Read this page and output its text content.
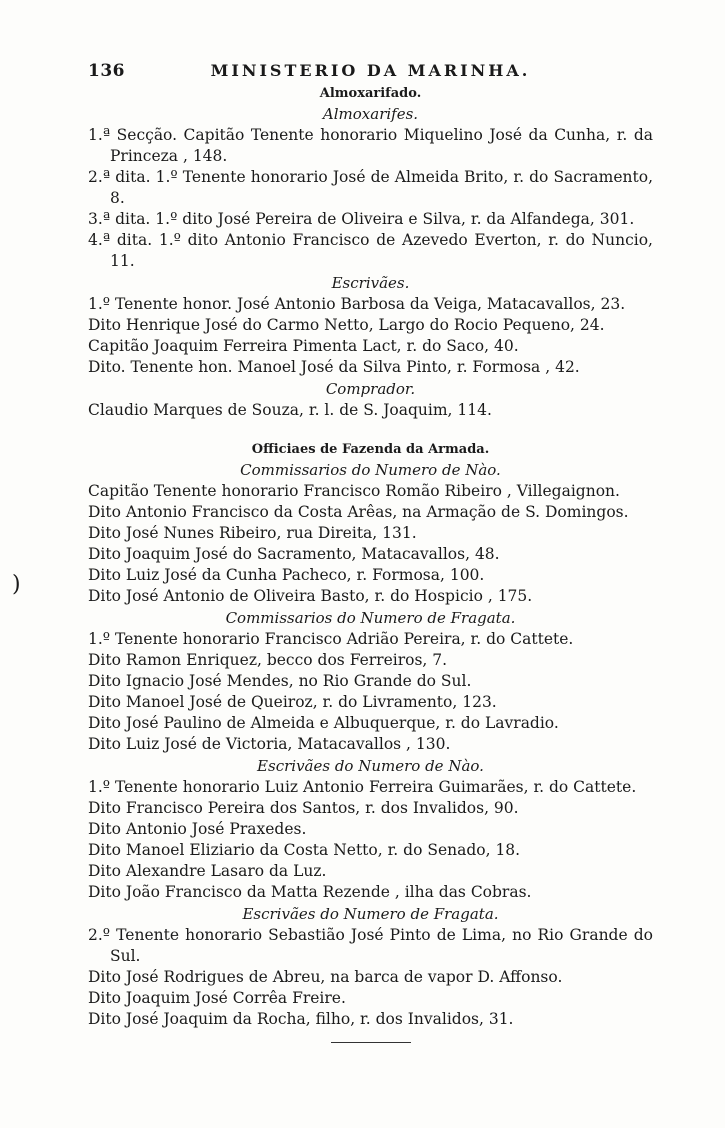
136	MINISTERIO DA MARINHA.

Almoxarifado.

Almoxarifes.

1.ª Secção. Capitão Tenente honorario Miquelino José da Cunha, r. da Princeza , 148.

2.ª dita. 1.º Tenente honorario José de Almeida Brito, r. do Sacramento, 8.

3.ª dita. 1.º dito José Pereira de Oliveira e Silva, r. da Alfandega, 301.

4.ª dita. 1.º dito Antonio Francisco de Azevedo Everton, r. do Nuncio, 11.

Escrivães.

1.º Tenente honor. José Antonio Barbosa da Veiga, Matacavallos, 23.

Dito Henrique José do Carmo Netto, Largo do Rocio Pequeno, 24.

Capitão Joaquim Ferreira Pimenta Lact, r. do Saco, 40.

Dito. Tenente hon. Manoel José da Silva Pinto, r. Formosa , 42.

Comprador.

Claudio Marques de Souza, r. l. de S. Joaquim, 114.

Officiaes de Fazenda da Armada.

Commissarios do Numero de Nào.

Capitão Tenente honorario Francisco Romão Ribeiro , Villegaignon.

Dito Antonio Francisco da Costa Arêas, na Armação de S. Domingos.

Dito José Nunes Ribeiro, rua Direita, 131.

Dito Joaquim José do Sacramento, Matacavallos, 48.

Dito Luiz José da Cunha Pacheco, r. Formosa, 100.

Dito José Antonio de Oliveira Basto, r. do Hospicio , 175.

Commissarios do Numero de Fragata.

1.º Tenente honorario Francisco Adrião Pereira, r. do Cattete.

Dito Ramon Enriquez, becco dos Ferreiros, 7.

Dito Ignacio José Mendes, no Rio Grande do Sul.

Dito Manoel José de Queiroz, r. do Livramento, 123.

Dito José Paulino de Almeida e Albuquerque, r. do Lavradio.

Dito Luiz José de Victoria, Matacavallos , 130.

Escrivães do Numero de Nào.

1.º Tenente honorario Luiz Antonio Ferreira Guimarães, r. do Cattete.

Dito Francisco Pereira dos Santos, r. dos Invalidos, 90.

Dito Antonio José Praxedes.

Dito Manoel Eliziario da Costa Netto, r. do Senado, 18.

Dito Alexandre Lasaro da Luz.

Dito João Francisco da Matta Rezende , ilha das Cobras.

Escrivães do Numero de Fragata.

2.º Tenente honorario Sebastião José Pinto de Lima, no Rio Grande do Sul.

Dito José Rodrigues de Abreu, na barca de vapor D. Affonso.

Dito Joaquim José Corrêa Freire.

Dito José Joaquim da Rocha, filho, r. dos Invalidos, 31.

)
